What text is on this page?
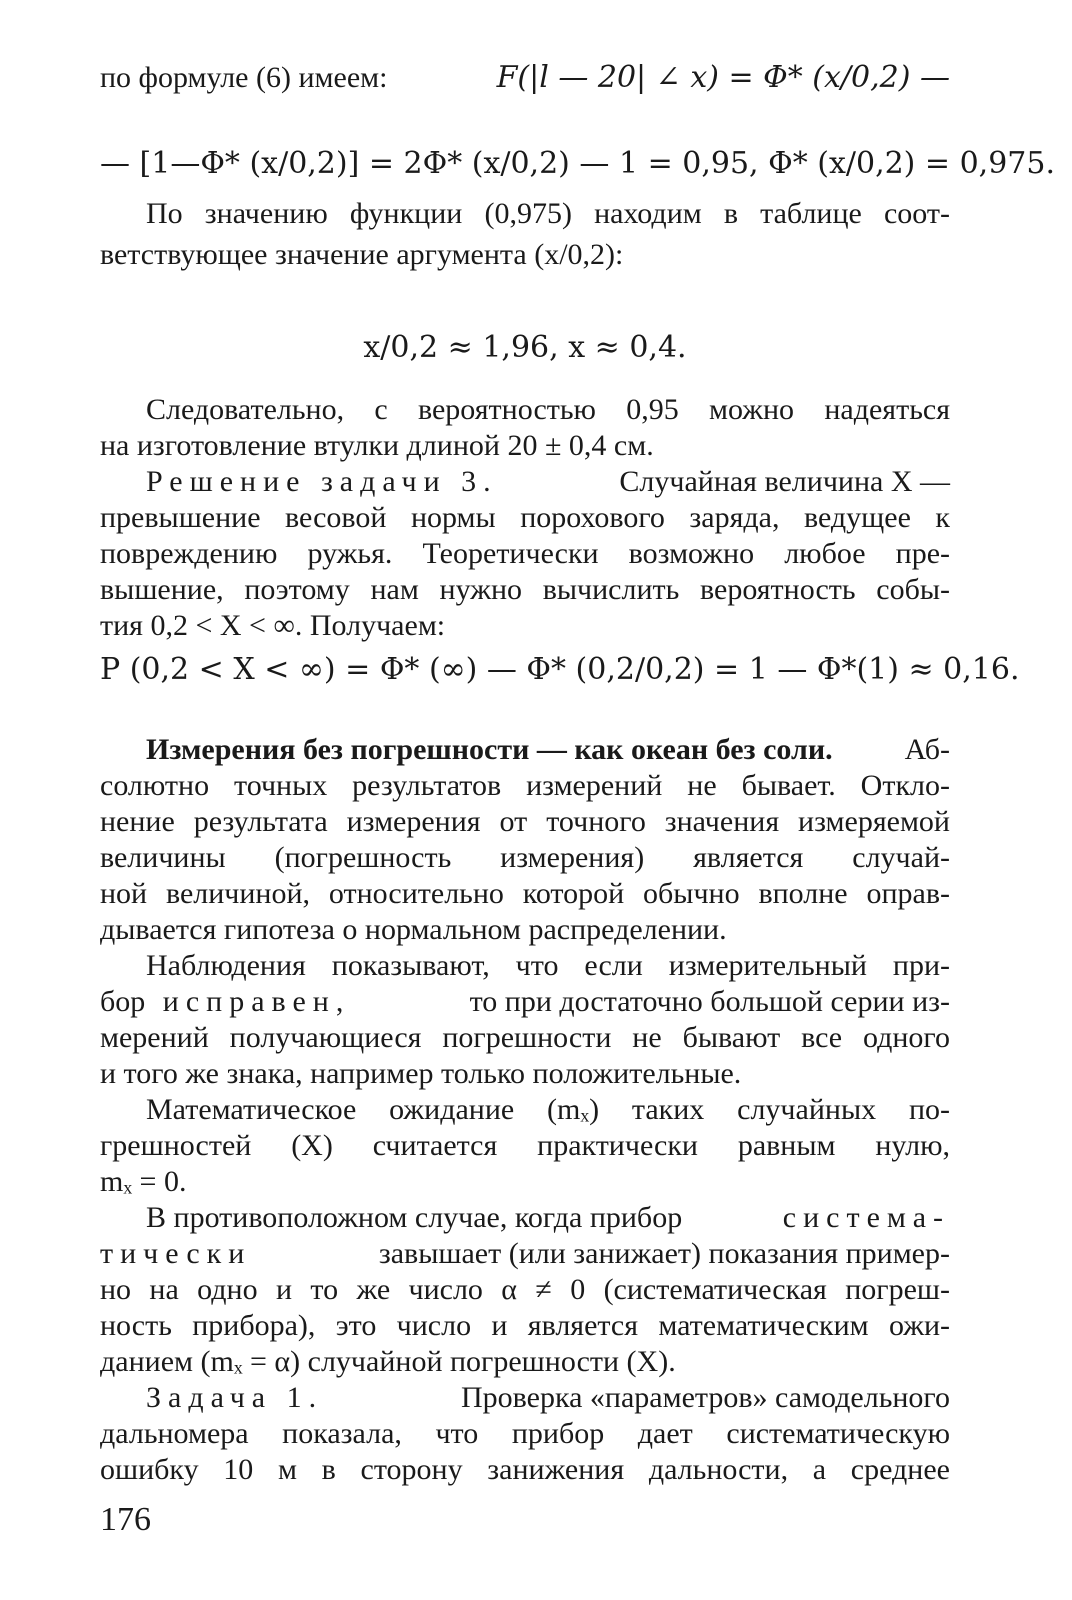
по формуле (6) имеем:	F(|l — 20| ∠ x) = Φ* (x/0,2) —
— [1—Φ* (x/0,2)] = 2Φ* (x/0,2) — 1 = 0,95, Φ* (x/0,2) = 0,975.
По значению функции (0,975) находим в таблице соот-
ветствующее значение аргумента (x/0,2):
x/0,2 ≈ 1,96, x ≈ 0,4.
Следовательно, с вероятностью 0,95 можно надеяться
на изготовление втулки длиной 20 ± 0,4 см.
Решение задачи 3.	Случайная величина X —
превышение весовой нормы порохового заряда, ведущее к
повреждению ружья. Теоретически возможно любое пре-
вышение, поэтому нам нужно вычислить вероятность собы-
тия 0,2 < X < ∞. Получаем:
P (0,2 < X < ∞) = Φ* (∞) — Φ* (0,2/0,2) = 1 — Φ*(1) ≈ 0,16.
Измерения без погрешности — как океан без соли. Аб-
солютно точных результатов измерений не бывает. Откло-
нение результата измерения от точного значения измеряемой
величины (погрешность измерения) является случай-
ной величиной, относительно которой обычно вполне оправ-
дывается гипотеза о нормальном распределении.
Наблюдения показывают, что если измерительный при-
бор исправен,	то при достаточно большой серии из-
мерений получающиеся погрешности не бывают все одного
и того же знака, например только положительные.
Математическое ожидание (mₓ) таких случайных по-
грешностей (X) считается практически равным нулю,
mₓ = 0.
В противоположном случае, когда прибор	система-
тически	завышает (или занижает) показания пример-
но на одно и то же число α ≠ 0 (систематическая погреш-
ность прибора), это число и является математическим ожи-
данием (mₓ = α) случайной погрешности (X).
Задача 1.	Проверка «параметров» самодельного
дальномера показала, что прибор дает систематическую
ошибку 10 м в сторону занижения дальности, а среднее
176
